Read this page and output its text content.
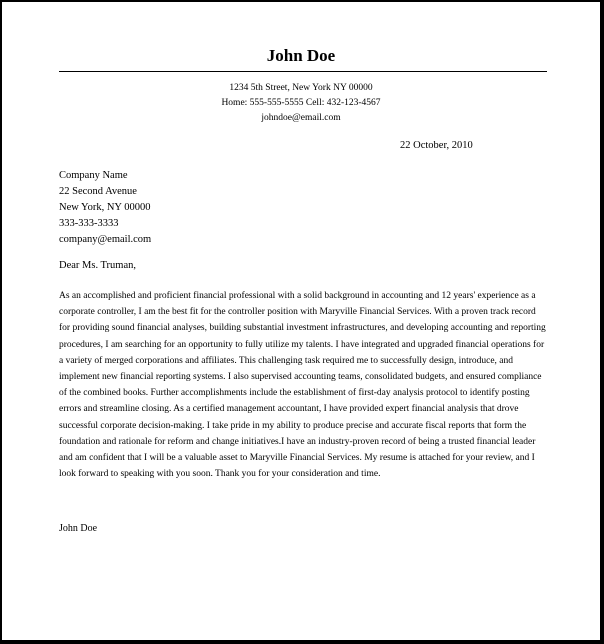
John Doe
1234 5th Street, New York NY 00000
Home: 555-555-5555 Cell: 432-123-4567
johndoe@email.com
22 October, 2010
Company Name
22 Second Avenue
New York, NY 00000
333-333-3333
company@email.com
Dear Ms. Truman,
As an accomplished and proficient financial professional with a solid background in accounting and 12 years' experience as a corporate controller, I am the best fit for the controller position with Maryville Financial Services. With a proven track record for providing sound financial analyses, building substantial investment infrastructures, and developing accounting and reporting procedures, I am searching for an opportunity to fully utilize my talents. I have integrated and upgraded financial operations for a variety of merged corporations and affiliates. This challenging task required me to successfully design, introduce, and implement new financial reporting systems. I also supervised accounting teams, consolidated budgets, and ensured compliance of the combined books. Further accomplishments include the establishment of first-day analysis protocol to identify posting errors and streamline closing. As a certified management accountant, I have provided expert financial analysis that drove successful corporate decision-making. I take pride in my ability to produce precise and accurate fiscal reports that form the foundation and rationale for reform and change initiatives.I have an industry-proven record of being a trusted financial leader and am confident that I will be a valuable asset to Maryville Financial Services. My resume is attached for your review, and I look forward to speaking with you soon. Thank you for your consideration and time.
John Doe
